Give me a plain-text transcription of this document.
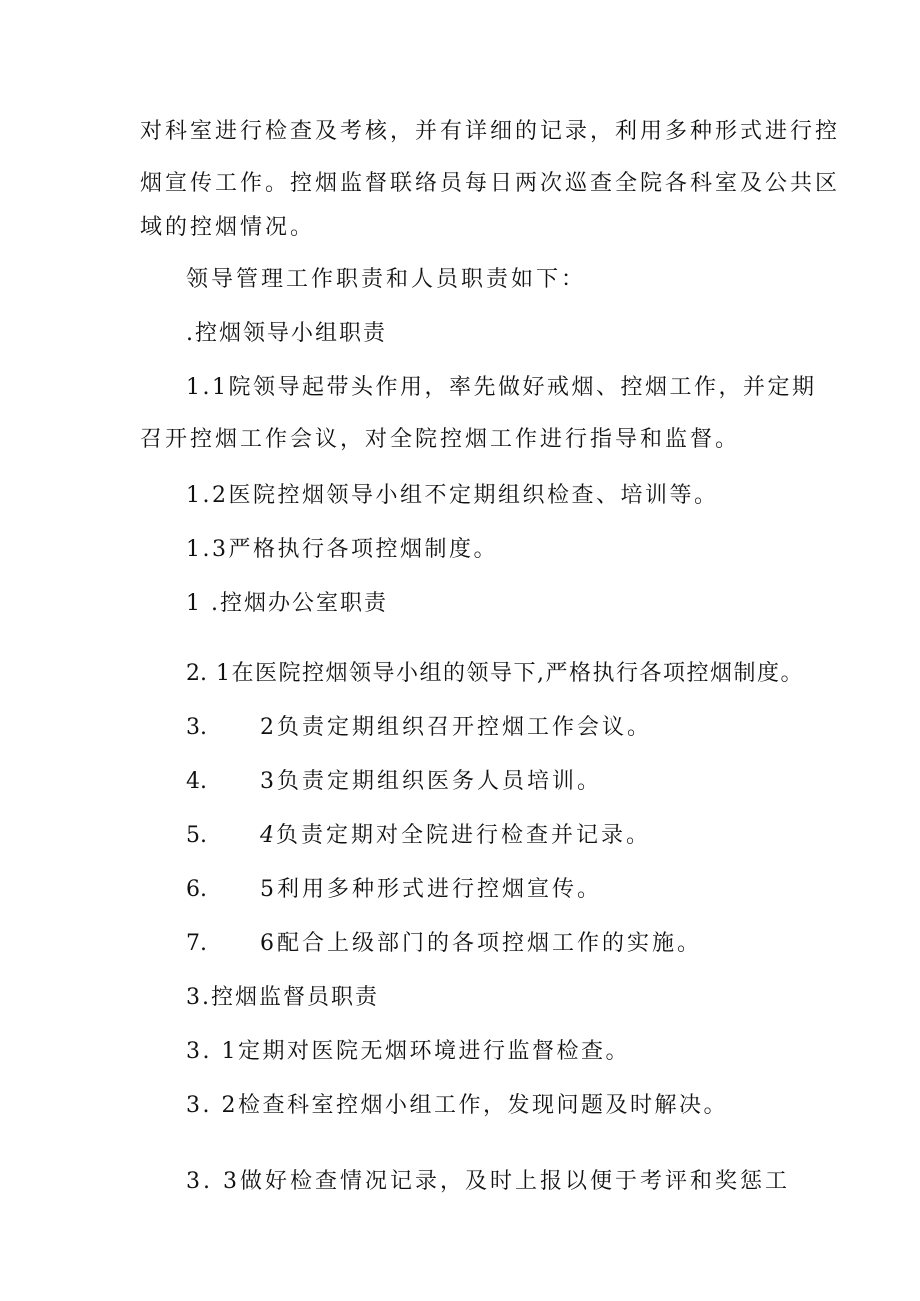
对科室进行检查及考核，并有详细的记录，利用多种形式进行控
烟宣传工作。控烟监督联络员每日两次巡查全院各科室及公共区
域的控烟情况。
领导管理工作职责和人员职责如下：
.控烟领导小组职责
1.1院领导起带头作用，率先做好戒烟、控烟工作，并定期
召开控烟工作会议，对全院控烟工作进行指导和监督。
1.2医院控烟领导小组不定期组织检查、培训等。
1.3严格执行各项控烟制度。
1 .控烟办公室职责
2. 1在医院控烟领导小组的领导下,严格执行各项控烟制度。
3. 2负责定期组织召开控烟工作会议。
4. 3负责定期组织医务人员培训。
5. 4 负责定期对全院进行检查并记录。
6. 5利用多种形式进行控烟宣传。
7. 6配合上级部门的各项控烟工作的实施。
3.控烟监督员职责
3. 1定期对医院无烟环境进行监督检查。
3. 2检查科室控烟小组工作，发现问题及时解决。
3. 3做好检查情况记录，及时上报以便于考评和奖惩工
